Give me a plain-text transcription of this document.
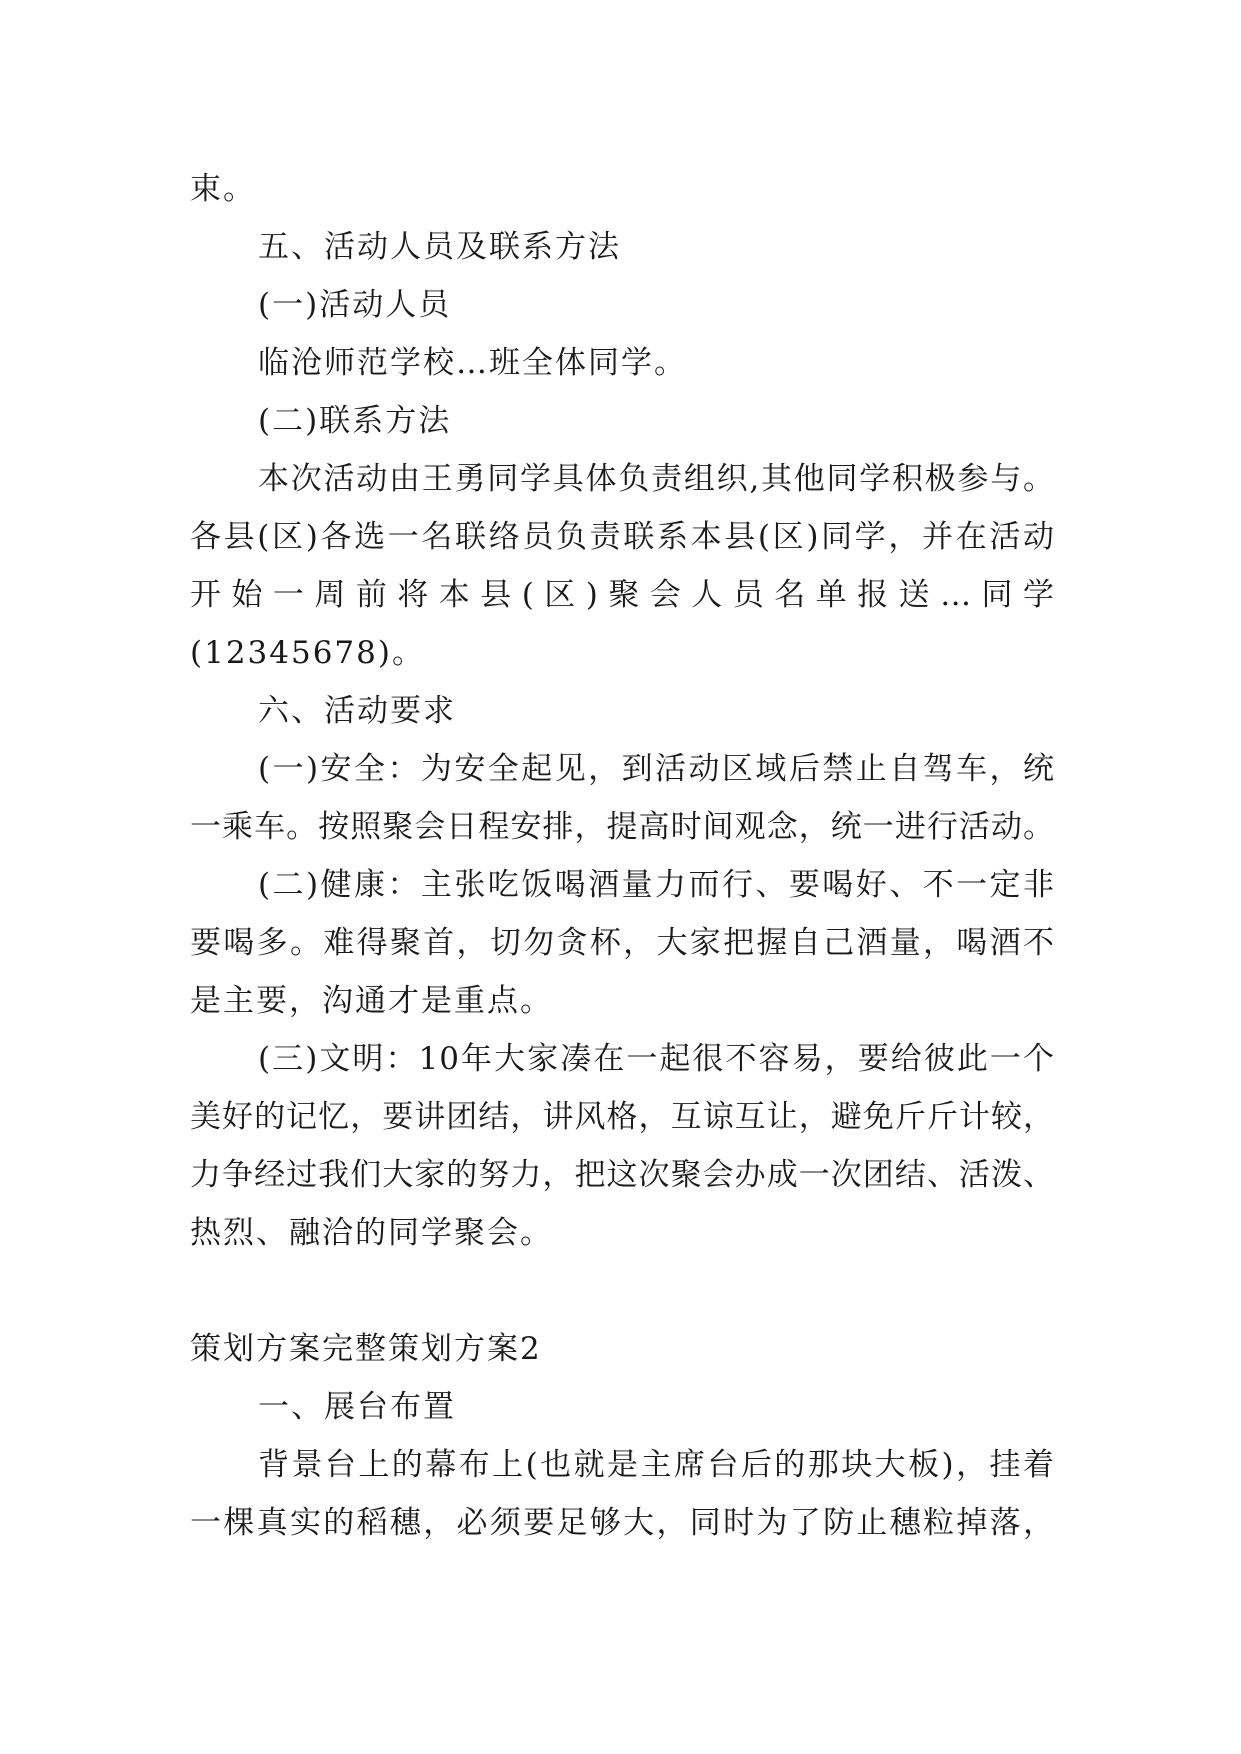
束。
五、活动人员及联系方法
(一)活动人员
临沧师范学校…班全体同学。
(二)联系方法
本次活动由王勇同学具体负责组织,其他同学积极参与。
各县(区)各选一名联络员负责联系本县(区)同学，并在活动
开始一周前将本县(区)聚会人员名单报送…同学
(12345678)。
六、活动要求
(一)安全：为安全起见，到活动区域后禁止自驾车，统
一乘车。按照聚会日程安排，提高时间观念，统一进行活动。
(二)健康：主张吃饭喝酒量力而行、要喝好、不一定非
要喝多。难得聚首，切勿贪杯，大家把握自己酒量，喝酒不
是主要，沟通才是重点。
(三)文明：10年大家凑在一起很不容易，要给彼此一个
美好的记忆，要讲团结，讲风格，互谅互让，避免斤斤计较，
力争经过我们大家的努力，把这次聚会办成一次团结、活泼、
热烈、融洽的同学聚会。
策划方案完整策划方案2
一、展台布置
背景台上的幕布上(也就是主席台后的那块大板)，挂着
一棵真实的稻穗，必须要足够大，同时为了防止穗粒掉落，
